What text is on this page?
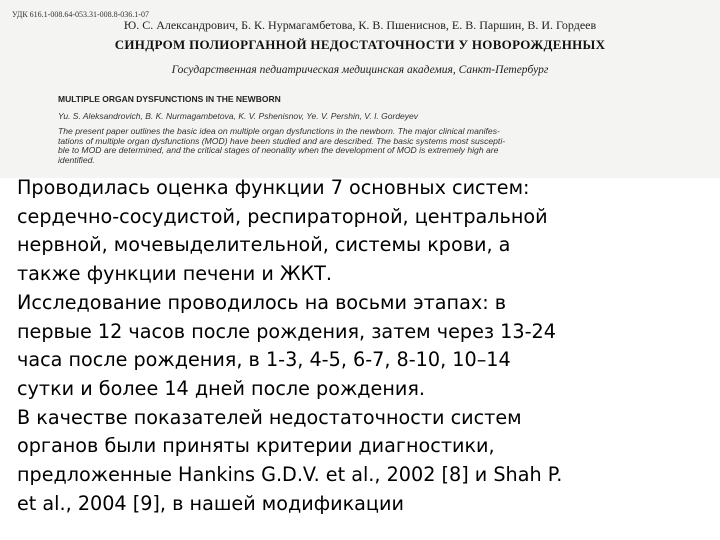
УДК 616.1-008.64-053.31-008.8-036.1-07
Ю. С. Александрович, Б. К. Нурмагамбетова, К. В. Пшениснов, Е. В. Паршин, В. И. Гордеев
СИНДРОМ ПОЛИОРГАННОЙ НЕДОСТАТОЧНОСТИ У НОВОРОЖДЕННЫХ
Государственная педиатрическая медицинская академия, Санкт-Петербург
MULTIPLE ORGAN DYSFUNCTIONS IN THE NEWBORN
Yu. S. Aleksandrovich, B. K. Nurmagambetova, K. V. Pshenisnov, Ye. V. Pershin, V. I. Gordeyev
The present paper outlines the basic idea on multiple organ dysfunctions in the newborn. The major clinical manifes-
tations of multiple organ dysfunctions (MOD) have been studied and are described. The basic systems most suscepti-
ble to MOD are determined, and the critical stages of neonality when the development of MOD is extremely high are
identified.
Проводилась оценка функции 7 основных систем:
сердечно-сосудистой, респираторной, центральной
нервной, мочевыделительной, системы крови, а
также функции печени и ЖКТ.
Исследование проводилось на восьми этапах: в
первые 12 часов после рождения, затем через 13-24
часа после рождения, в 1-3, 4-5, 6-7, 8-10, 10–14
сутки и более 14 дней после рождения.
В качестве показателей недостаточности систем
органов были приняты критерии диагностики,
предложенные Hankins G.D.V. et al., 2002 [8] и Shah P.
et al., 2004 [9], в нашей модификации
